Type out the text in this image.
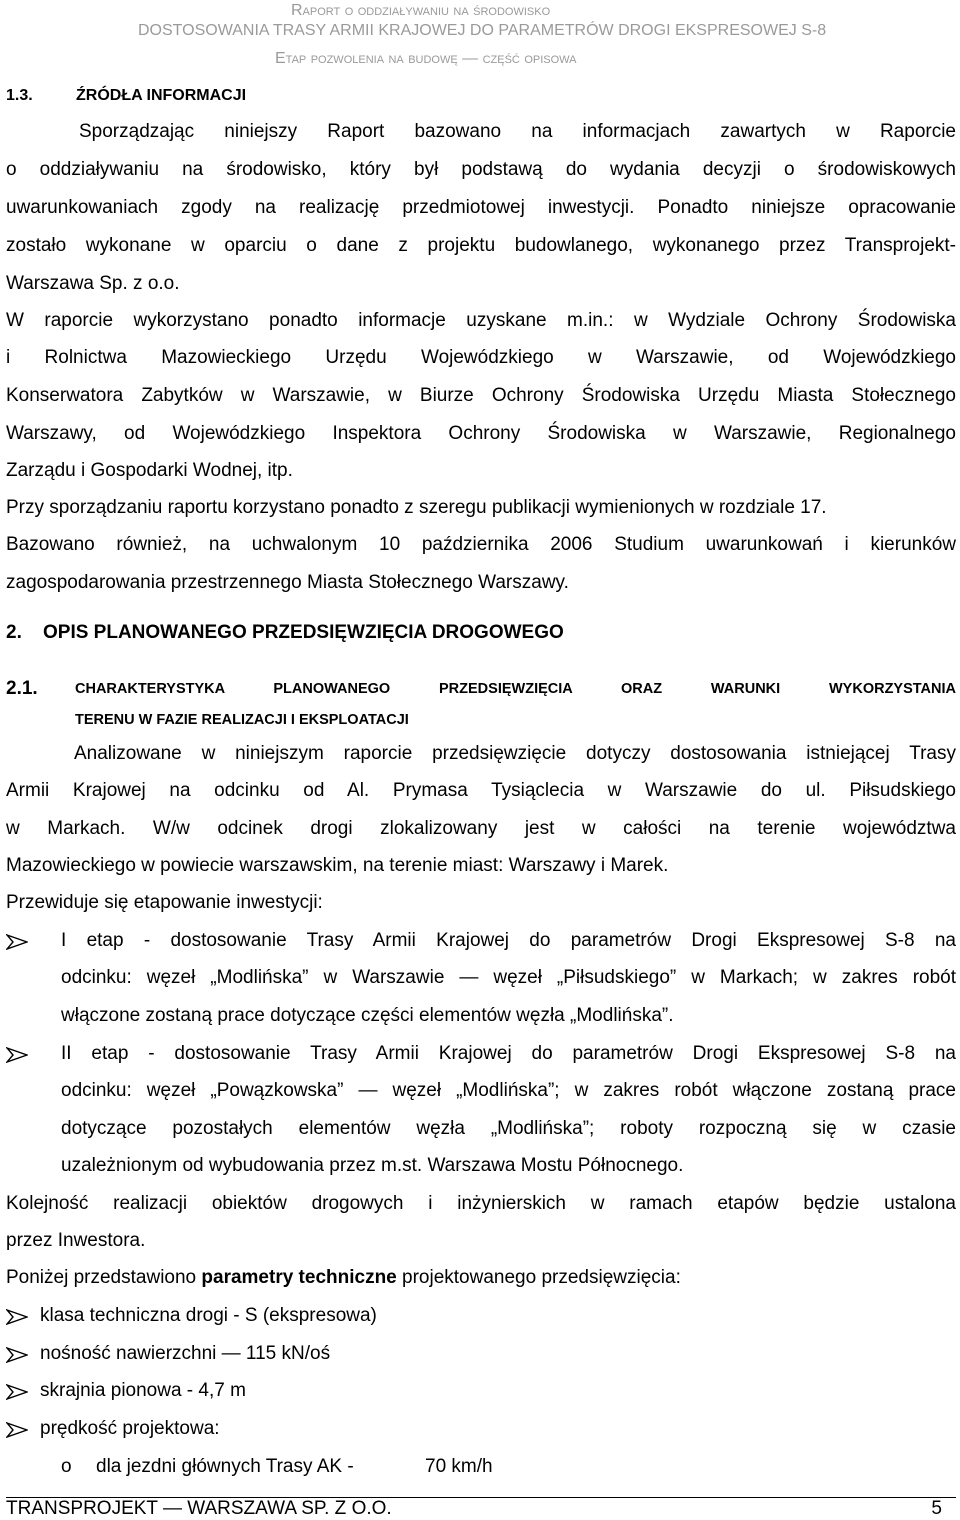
Raport o oddziaływaniu na środowisko
DOSTOSOWANIA TRASY ARMII KRAJOWEJ DO PARAMETRÓW DROGI EKSPRESOWEJ S-8
Etap pozwolenia na budowę — część opisowa
1.3.	ŹRÓDŁA INFORMACJI
Sporządzając niniejszy Raport bazowano na informacjach zawartych w Raporcie
o oddziaływaniu na środowisko, który był podstawą do wydania decyzji o środowiskowych
uwarunkowaniach zgody na realizację przedmiotowej inwestycji. Ponadto niniejsze opracowanie
zostało wykonane w oparciu o dane z projektu budowlanego, wykonanego przez Transprojekt-
Warszawa Sp. z o.o.
W raporcie wykorzystano ponadto informacje uzyskane m.in.: w Wydziale Ochrony Środowiska
i Rolnictwa Mazowieckiego Urzędu Wojewódzkiego w Warszawie, od Wojewódzkiego
Konserwatora Zabytków w Warszawie, w Biurze Ochrony Środowiska Urzędu Miasta Stołecznego
Warszawy, od Wojewódzkiego Inspektora Ochrony Środowiska w Warszawie, Regionalnego
Zarządu i Gospodarki Wodnej, itp.
Przy sporządzaniu raportu korzystano ponadto z szeregu publikacji wymienionych w rozdziale 17.
Bazowano również, na uchwalonym 10 października 2006 Studium uwarunkowań i kierunków
zagospodarowania przestrzennego Miasta Stołecznego Warszawy.
2. OPIS PLANOWANEGO PRZEDSIĘWZIĘCIA DROGOWEGO
2.1.	CHARAKTERYSTYKA PLANOWANEGO PRZEDSIĘWZIĘCIA ORAZ WARUNKI WYKORZYSTANIA
TERENU W FAZIE REALIZACJI I EKSPLOATACJI
Analizowane w niniejszym raporcie przedsięwzięcie dotyczy dostosowania istniejącej Trasy
Armii Krajowej na odcinku od Al. Prymasa Tysiąclecia w Warszawie do ul. Piłsudskiego
w Markach. W/w odcinek drogi zlokalizowany jest w całości na terenie województwa
Mazowieckiego w powiecie warszawskim, na terenie miast: Warszawy i Marek.
Przewiduje się etapowanie inwestycji:
I etap - dostosowanie Trasy Armii Krajowej do parametrów Drogi Ekspresowej S-8 na
odcinku: węzeł „Modlińska” w Warszawie — węzeł „Piłsudskiego” w Markach; w zakres robót
włączone zostaną prace dotyczące części elementów węzła „Modlińska”.
II etap - dostosowanie Trasy Armii Krajowej do parametrów Drogi Ekspresowej S-8 na
odcinku: węzeł „Powązkowska” — węzeł „Modlińska”; w zakres robót włączone zostaną prace
dotyczące pozostałych elementów węzła „Modlińska”; roboty rozpoczną się w czasie
uzależnionym od wybudowania przez m.st. Warszawa Mostu Północnego.
Kolejność realizacji obiektów drogowych i inżynierskich w ramach etapów będzie ustalona
przez Inwestora.
Poniżej przedstawiono parametry techniczne projektowanego przedsięwzięcia:
klasa techniczna drogi - S (ekspresowa)
nośność nawierzchni — 115 kN/oś
skrajnia pionowa - 4,7 m
prędkość projektowa:
o dla jezdni głównych Trasy AK -	70 km/h
TRANSPROJEKT — WARSZAWA SP. Z O.O.	5
